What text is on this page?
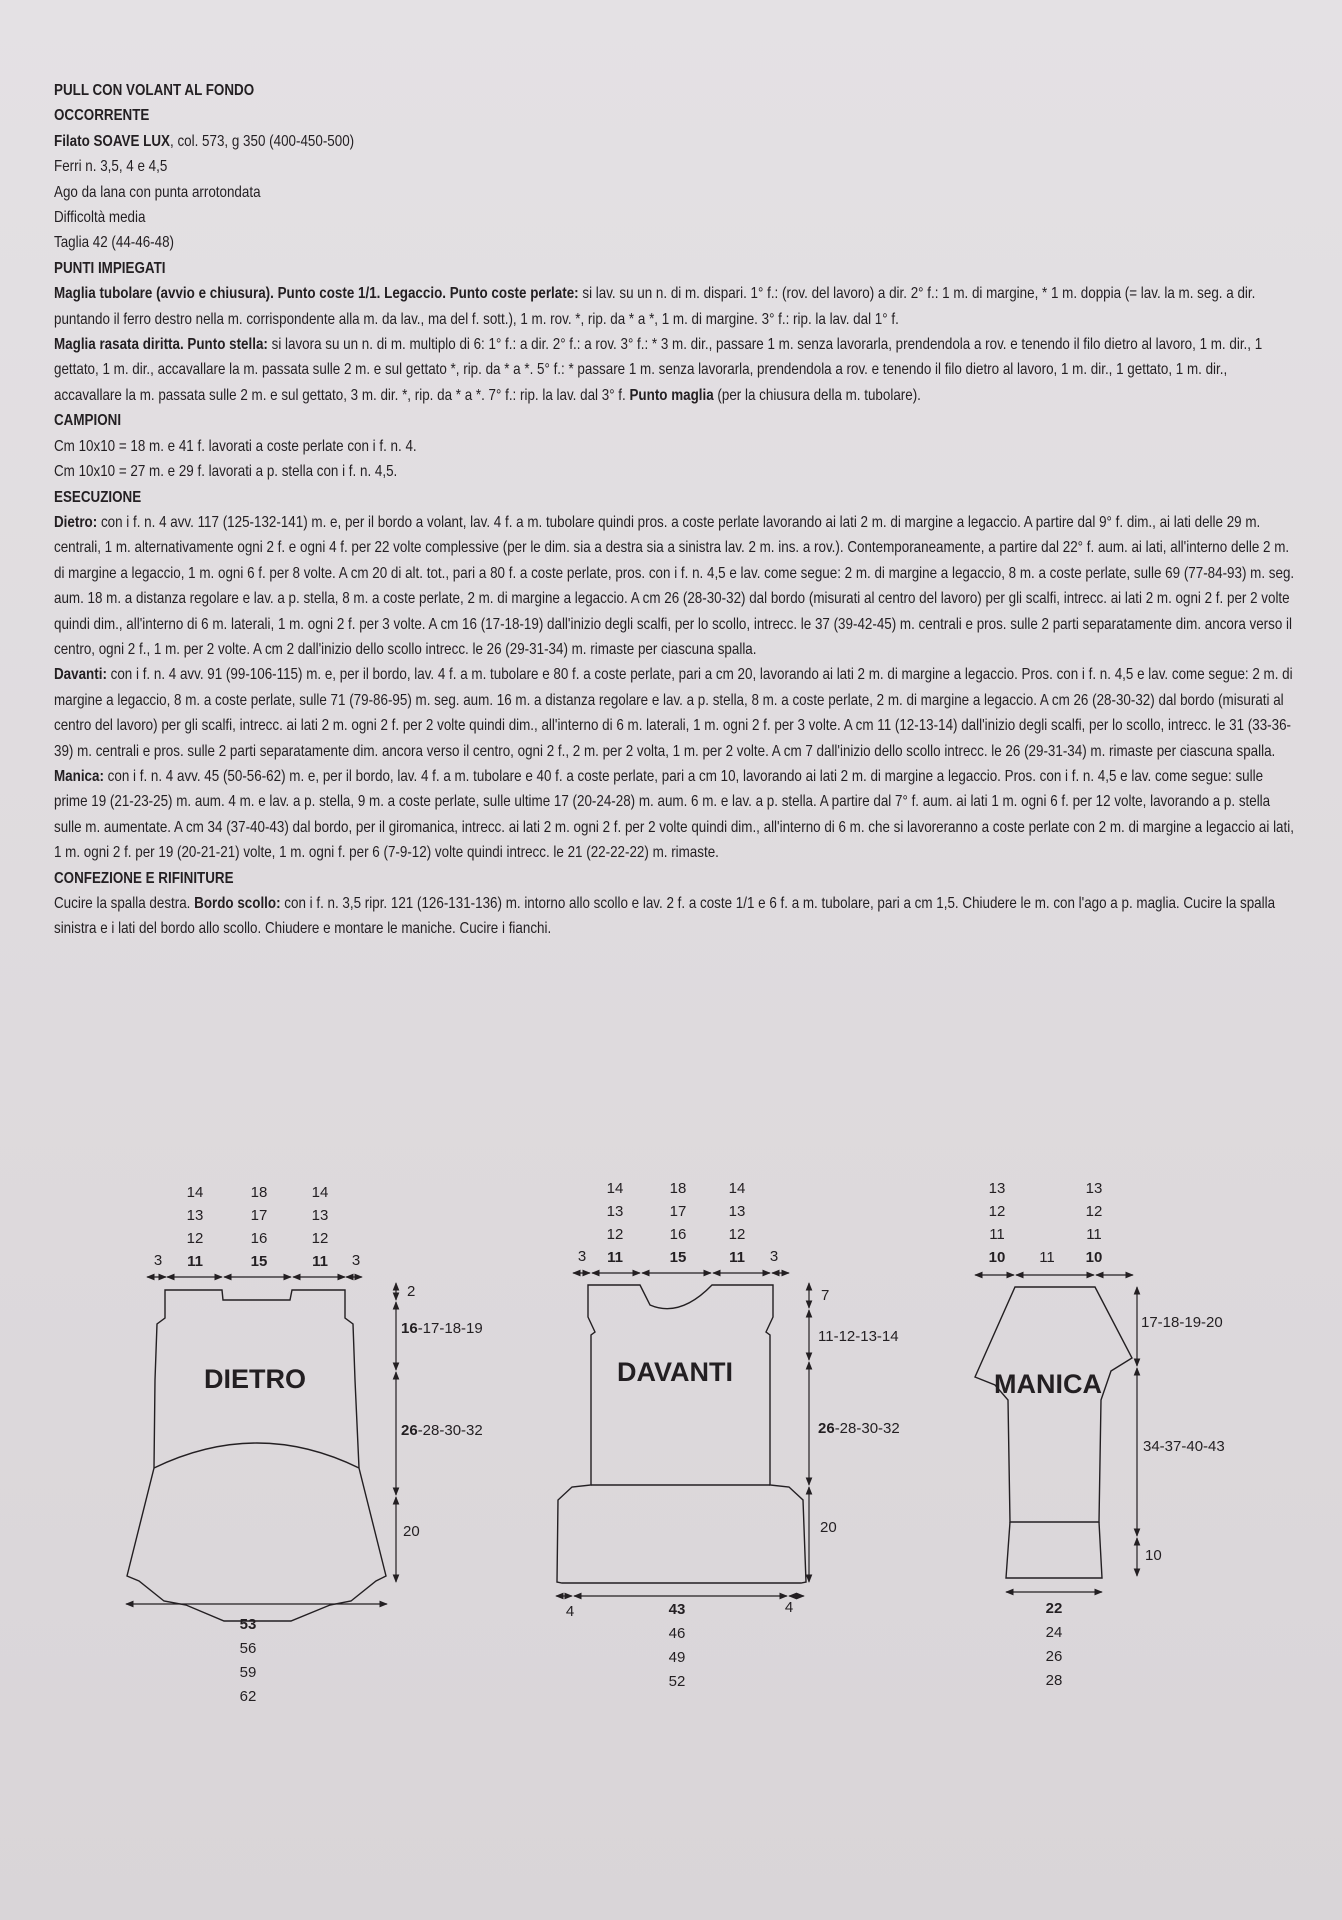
PULL CON VOLANT AL FONDO

OCCORRENTE

Filato SOAVE LUX, col. 573, g 350 (400-450-500)

Ferri n. 3,5, 4 e 4,5

Ago da lana con punta arrotondata

Difficoltà media

Taglia 42 (44-46-48)

PUNTI IMPIEGATI

Maglia tubolare (avvio e chiusura). Punto coste 1/1. Legaccio. Punto coste perlate: si lav. su un n. di m. dispari. 1° f.: (rov. del lavoro) a dir. 2° f.: 1 m. di margine, * 1 m. doppia (= lav. la m. seg. a dir. puntando il ferro destro nella m. corrispondente alla m. da lav., ma del f. sott.), 1 m. rov. *, rip. da * a *, 1 m. di margine. 3° f.: rip. la lav. dal 1° f.

Maglia rasata diritta. Punto stella: si lavora su un n. di m. multiplo di 6: 1° f.: a dir. 2° f.: a rov. 3° f.: * 3 m. dir., passare 1 m. senza lavorarla, prendendola a rov. e tenendo il filo dietro al lavoro, 1 m. dir., 1 gettato, 1 m. dir., accavallare la m. passata sulle 2 m. e sul gettato *, rip. da * a *. 5° f.: * passare 1 m. senza lavorarla, prendendola a rov. e tenendo il filo dietro al lavoro, 1 m. dir., 1 gettato, 1 m. dir., accavallare la m. passata sulle 2 m. e sul gettato, 3 m. dir. *, rip. da * a *. 7° f.: rip. la lav. dal 3° f. Punto maglia (per la chiusura della m. tubolare).

CAMPIONI

Cm 10x10 = 18 m. e 41 f. lavorati a coste perlate con i f. n. 4.

Cm 10x10 = 27 m. e 29 f. lavorati a p. stella con i f. n. 4,5.

ESECUZIONE

Dietro: con i f. n. 4 avv. 117 (125-132-141) m. e, per il bordo a volant, lav. 4 f. a m. tubolare quindi pros. a coste perlate lavorando ai lati 2 m. di margine a legaccio. A partire dal 9° f. dim., ai lati delle 29 m. centrali, 1 m. alternativamente ogni 2 f. e ogni 4 f. per 22 volte complessive (per le dim. sia a destra sia a sinistra lav. 2 m. ins. a rov.). Contemporaneamente, a partire dal 22° f. aum. ai lati, all'interno delle 2 m. di margine a legaccio, 1 m. ogni 6 f. per 8 volte. A cm 20 di alt. tot., pari a 80 f. a coste perlate, pros. con i f. n. 4,5 e lav. come segue: 2 m. di margine a legaccio, 8 m. a coste perlate, sulle 69 (77-84-93) m. seg. aum. 18 m. a distanza regolare e lav. a p. stella, 8 m. a coste perlate, 2 m. di margine a legaccio. A cm 26 (28-30-32) dal bordo (misurati al centro del lavoro) per gli scalfi, intrecc. ai lati 2 m. ogni 2 f. per 2 volte quindi dim., all'interno di 6 m. laterali, 1 m. ogni 2 f. per 3 volte. A cm 16 (17-18-19) dall'inizio degli scalfi, per lo scollo, intrecc. le 37 (39-42-45) m. centrali e pros. sulle 2 parti separatamente dim. ancora verso il centro, ogni 2 f., 1 m. per 2 volte. A cm 2 dall'inizio dello scollo intrecc. le 26 (29-31-34) m. rimaste per ciascuna spalla.

Davanti: con i f. n. 4 avv. 91 (99-106-115) m. e, per il bordo, lav. 4 f. a m. tubolare e 80 f. a coste perlate, pari a cm 20, lavorando ai lati 2 m. di margine a legaccio. Pros. con i f. n. 4,5 e lav. come segue: 2 m. di margine a legaccio, 8 m. a coste perlate, sulle 71 (79-86-95) m. seg. aum. 16 m. a distanza regolare e lav. a p. stella, 8 m. a coste perlate, 2 m. di margine a legaccio. A cm 26 (28-30-32) dal bordo (misurati al centro del lavoro) per gli scalfi, intrecc. ai lati 2 m. ogni 2 f. per 2 volte quindi dim., all'interno di 6 m. laterali, 1 m. ogni 2 f. per 3 volte. A cm 11 (12-13-14) dall'inizio degli scalfi, per lo scollo, intrecc. le 31 (33-36-39) m. centrali e pros. sulle 2 parti separatamente dim. ancora verso il centro, ogni 2 f., 2 m. per 2 volta, 1 m. per 2 volte. A cm 7 dall'inizio dello scollo intrecc. le 26 (29-31-34) m. rimaste per ciascuna spalla.

Manica: con i f. n. 4 avv. 45 (50-56-62) m. e, per il bordo, lav. 4 f. a m. tubolare e 40 f. a coste perlate, pari a cm 10, lavorando ai lati 2 m. di margine a legaccio. Pros. con i f. n. 4,5 e lav. come segue: sulle prime 19 (21-23-25) m. aum. 4 m. e lav. a p. stella, 9 m. a coste perlate, sulle ultime 17 (20-24-28) m. aum. 6 m. e lav. a p. stella. A partire dal 7° f. aum. ai lati 1 m. ogni 6 f. per 12 volte, lavorando a p. stella sulle m. aumentate. A cm 34 (37-40-43) dal bordo, per il giromanica, intrecc. ai lati 2 m. ogni 2 f. per 2 volte quindi dim., all'interno di 6 m. che si lavoreranno a coste perlate con 2 m. di margine a legaccio ai lati, 1 m. ogni 2 f. per 19 (20-21-21) volte, 1 m. ogni f. per 6 (7-9-12) volte quindi intrecc. le 21 (22-22-22) m. rimaste.

CONFEZIONE E RIFINITURE

Cucire la spalla destra. Bordo scollo: con i f. n. 3,5 ripr. 121 (126-131-136) m. intorno allo scollo e lav. 2 f. a coste 1/1 e 6 f. a m. tubolare, pari a cm 1,5. Chiudere le m. con l'ago a p. maglia. Cucire la spalla sinistra e i lati del bordo allo scollo. Chiudere e montare le maniche. Cucire i fianchi.

DIETRO
14
13
12
11
18
17
16
15
14
13
12
11
3	3
53
56
59
62
2
16-17-18-19
26-28-30-32
20
DAVANTI
14
13
12
11
18
17
16
15
14
13
12
11
3	3
4	4
43
46
49
52
7
11-12-13-14
26-28-30-32
20
MANICA
13
12
11
10 11
13
12
11
10
22
24
26
28
17-18-19-20
34-37-40-43
10
